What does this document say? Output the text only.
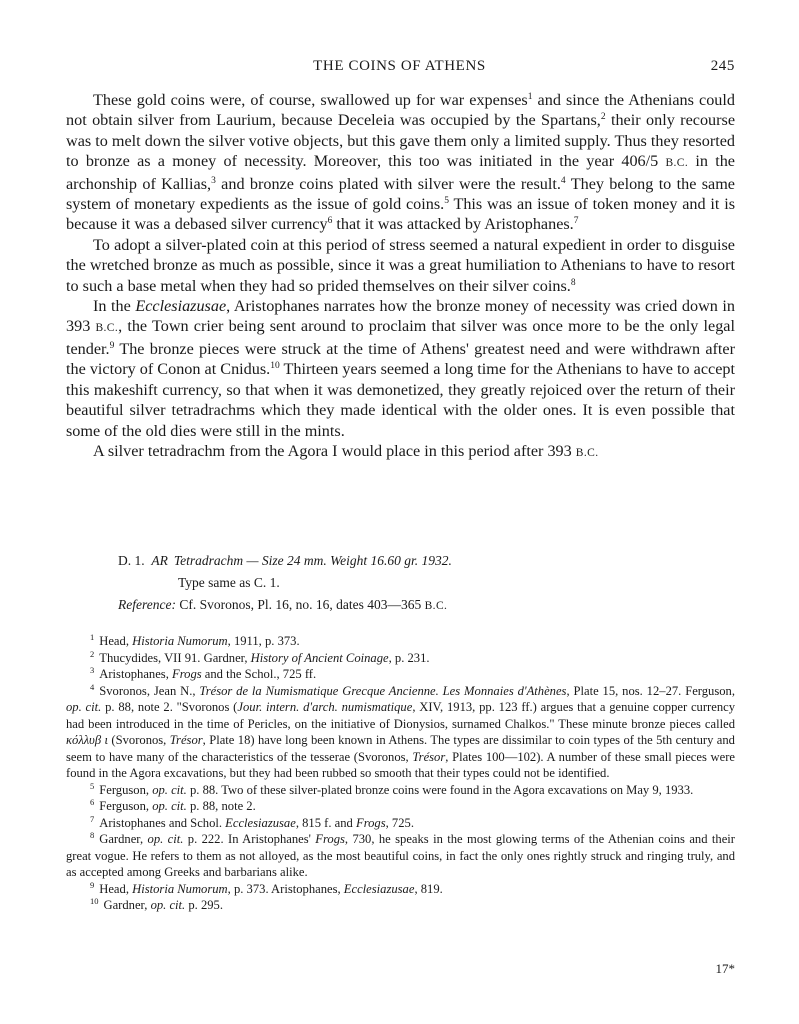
THE COINS OF ATHENS	245

These gold coins were, of course, swallowed up for war expenses$^1$ and since the Athenians could not obtain silver from Laurium, because Deceleia was occupied by the Spartans,$^2$ their only recourse was to melt down the silver votive objects, but this gave them only a limited supply. Thus they resorted to bronze as a money of necessity. Moreover, this too was initiated in the year 406/5 B.C. in the archonship of Kallias,$^3$ and bronze coins plated with silver were the result.$^4$ They belong to the same system of monetary expedients as the issue of gold coins.$^5$ This was an issue of token money and it is because it was a debased silver currency$^6$ that it was attacked by Aristophanes.$^7$

To adopt a silver-plated coin at this period of stress seemed a natural expedient in order to disguise the wretched bronze as much as possible, since it was a great humiliation to Athenians to have to resort to such a base metal when they had so prided themselves on their silver coins.$^8$

In the Ecclesiazusae, Aristophanes narrates how the bronze money of necessity was cried down in 393 B.C., the Town crier being sent around to proclaim that silver was once more to be the only legal tender.$^9$ The bronze pieces were struck at the time of Athens' greatest need and were withdrawn after the victory of Conon at Cnidus.$^{10}$ Thirteen years seemed a long time for the Athenians to have to accept this makeshift currency, so that when it was demonetized, they greatly rejoiced over the return of their beautiful silver tetradrachms which they made identical with the older ones. It is even possible that some of the old dies were still in the mints.

A silver tetradrachm from the Agora I would place in this period after 393 B.C.

D. 1. AR Tetradrachm — Size 24 mm. Weight 16.60 gr. 1932.
Type same as C. 1.
Reference: Cf. Svoronos, Pl. 16, no. 16, dates 403—365 B.C.

$^1$ Head, Historia Numorum, 1911, p. 373.

$^2$ Thucydides, VII 91. Gardner, History of Ancient Coinage, p. 231.

$^3$ Aristophanes, Frogs and the Schol., 725 ff.

$^4$ Svoronos, Jean N., Trésor de la Numismatique Grecque Ancienne. Les Monnaies d'Athènes, Plate 15, nos. 12–27. Ferguson, op. cit. p. 88, note 2. "Svoronos (Jour. intern. d'arch. numismatique, XIV, 1913, pp. 123 ff.) argues that a genuine copper currency had been introduced in the time of Pericles, on the initiative of Dionysios, surnamed Chalkos." These minute bronze pieces called κόλλυβ ι (Svoronos, Trésor, Plate 18) have long been known in Athens. The types are dissimilar to coin types of the 5th century and seem to have many of the characteristics of the tesserae (Svoronos, Trésor, Plates 100—102). A number of these small pieces were found in the Agora excavations, but they had been rubbed so smooth that their types could not be identified.

$^5$ Ferguson, op. cit. p. 88. Two of these silver-plated bronze coins were found in the Agora excavations on May 9, 1933.

$^6$ Ferguson, op. cit. p. 88, note 2.

$^7$ Aristophanes and Schol. Ecclesiazusae, 815 f. and Frogs, 725.

$^8$ Gardner, op. cit. p. 222. In Aristophanes' Frogs, 730, he speaks in the most glowing terms of the Athenian coins and their great vogue. He refers to them as not alloyed, as the most beautiful coins, in fact the only ones rightly struck and ringing truly, and as accepted among Greeks and barbarians alike.

$^9$ Head, Historia Numorum, p. 373. Aristophanes, Ecclesiazusae, 819.

$^{10}$ Gardner, op. cit. p. 295.

17*
